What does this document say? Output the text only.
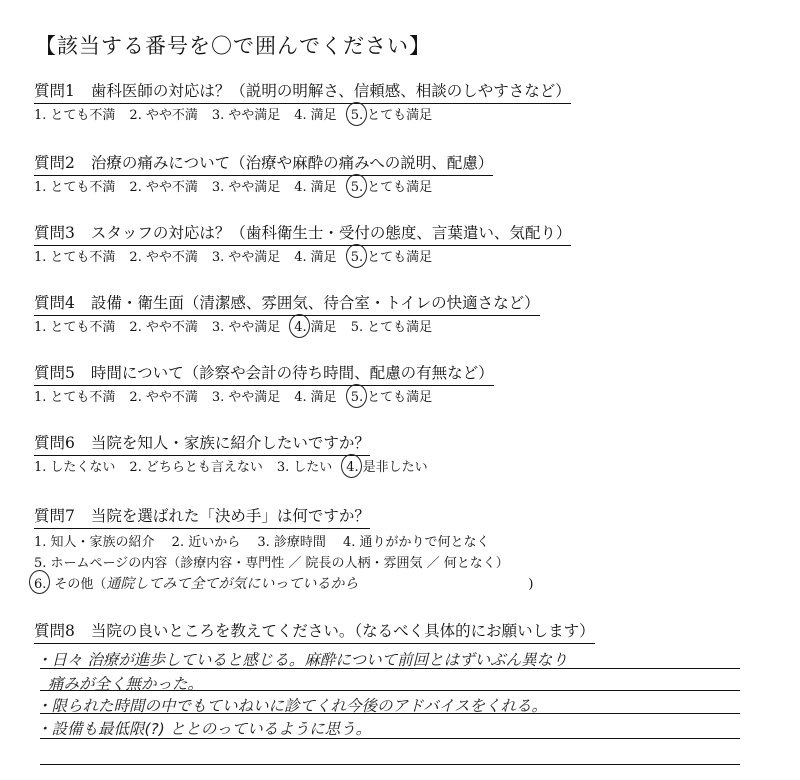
【該当する番号を〇で囲んでください】
質問1 歯科医師の対応は？（説明の明解さ、信頼感、相談のしやすさなど）
1. とても不満 2. やや不満 3. やや満足 4. 満足 5. とても満足
質問2 治療の痛みについて（治療や麻酔の痛みへの説明、配慮）
1. とても不満 2. やや不満 3. やや満足 4. 満足 5. とても満足
質問3 スタッフの対応は？（歯科衛生士・受付の態度、言葉遣い、気配り）
1. とても不満 2. やや不満 3. やや満足 4. 満足 5. とても満足
質問4 設備・衛生面（清潔感、雰囲気、待合室・トイレの快適さなど）
1. とても不満 2. やや不満 3. やや満足 4. 満足 5. とても満足
質問5 時間について（診察や会計の待ち時間、配慮の有無など）
1. とても不満 2. やや不満 3. やや満足 4. 満足 5. とても満足
質問6 当院を知人・家族に紹介したいですか？
1. したくない 2. どちらとも言えない 3. したい 4. 是非したい
質問7 当院を選ばれた「決め手」は何ですか？
1. 知人・家族の紹介　 2. 近いから　 3. 診療時間　 4. 通りがかりで何となく
5. ホームページの内容（診療内容・専門性 ／ 院長の人柄・雰囲気 ／ 何となく）
6. その他（通院してみて全てが気にいっているから	)
質問8 当院の良いところを教えてください。（なるべく具体的にお願いします）
・日々 治療が進歩していると感じる。麻酔について前回とはずいぶん異なり
痛みが全く無かった。
・限られた時間の中でもていねいに診てくれ今後のアドバイスをくれる。
・設備も最低限(?) ととのっているように思う。
